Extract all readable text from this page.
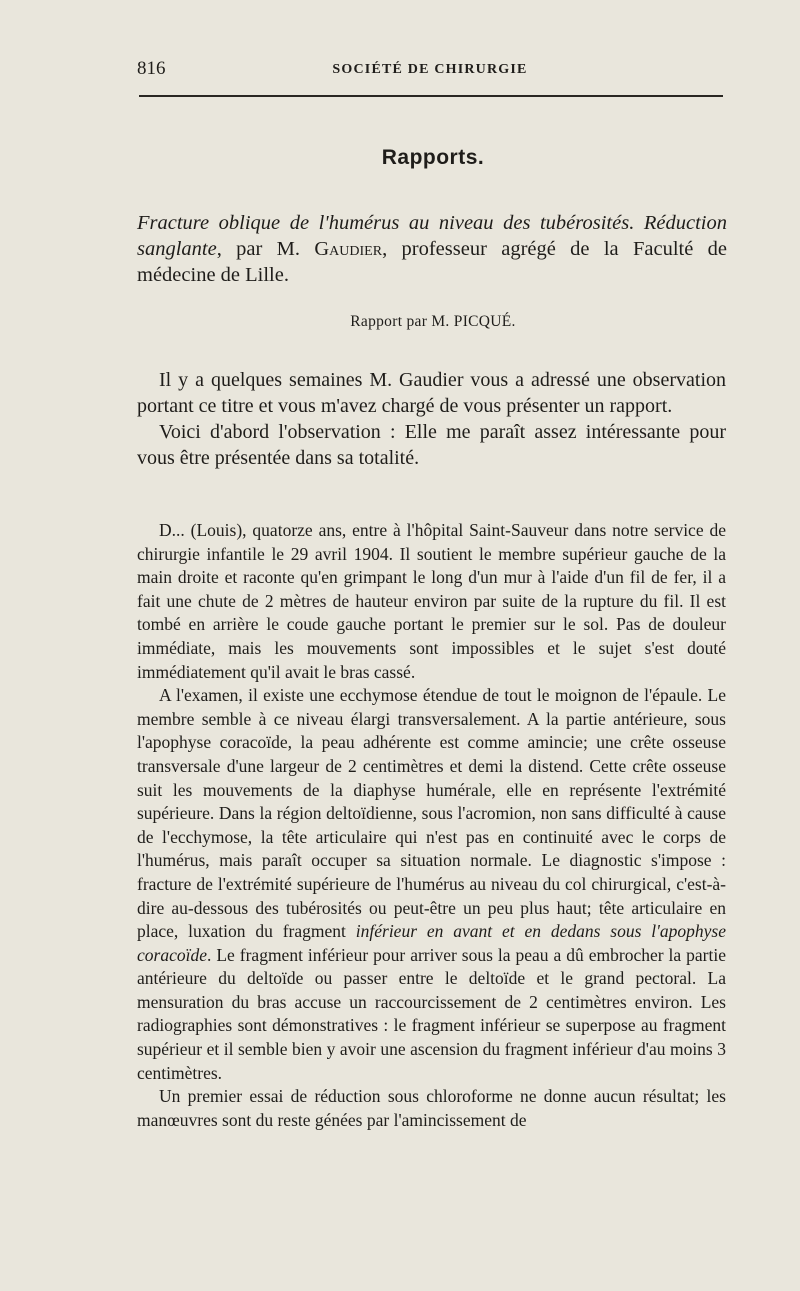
816	SOCIÉTÉ DE CHIRURGIE
Rapports.

Fracture oblique de l'humérus au niveau des tubérosités. Réduction sanglante, par M. Gaudier, professeur agrégé de la Faculté de médecine de Lille.

Rapport par M. PICQUÉ.

Il y a quelques semaines M. Gaudier vous a adressé une observation portant ce titre et vous m'avez chargé de vous présenter un rapport.

Voici d'abord l'observation : Elle me paraît assez intéressante pour vous être présentée dans sa totalité.

D... (Louis), quatorze ans, entre à l'hôpital Saint-Sauveur dans notre service de chirurgie infantile le 29 avril 1904. Il soutient le membre supérieur gauche de la main droite et raconte qu'en grimpant le long d'un mur à l'aide d'un fil de fer, il a fait une chute de 2 mètres de hauteur environ par suite de la rupture du fil. Il est tombé en arrière le coude gauche portant le premier sur le sol. Pas de douleur immédiate, mais les mouvements sont impossibles et le sujet s'est douté immédiatement qu'il avait le bras cassé.

A l'examen, il existe une ecchymose étendue de tout le moignon de l'épaule. Le membre semble à ce niveau élargi transversalement. A la partie antérieure, sous l'apophyse coracoïde, la peau adhérente est comme amincie; une crête osseuse transversale d'une largeur de 2 centimètres et demi la distend. Cette crête osseuse suit les mouvements de la diaphyse humérale, elle en représente l'extrémité supérieure. Dans la région deltoïdienne, sous l'acromion, non sans difficulté à cause de l'ecchymose, la tête articulaire qui n'est pas en continuité avec le corps de l'humérus, mais paraît occuper sa situation normale. Le diagnostic s'impose : fracture de l'extrémité supérieure de l'humérus au niveau du col chirurgical, c'est-à-dire au-dessous des tubérosités ou peut-être un peu plus haut; tête articulaire en place, luxation du fragment inférieur en avant et en dedans sous l'apophyse coracoïde. Le fragment inférieur pour arriver sous la peau a dû embrocher la partie antérieure du deltoïde ou passer entre le deltoïde et le grand pectoral. La mensuration du bras accuse un raccourcissement de 2 centimètres environ. Les radiographies sont démonstratives : le fragment inférieur se superpose au fragment supérieur et il semble bien y avoir une ascension du fragment inférieur d'au moins 3 centimètres.

Un premier essai de réduction sous chloroforme ne donne aucun résultat; les manœuvres sont du reste génées par l'amincissement de
